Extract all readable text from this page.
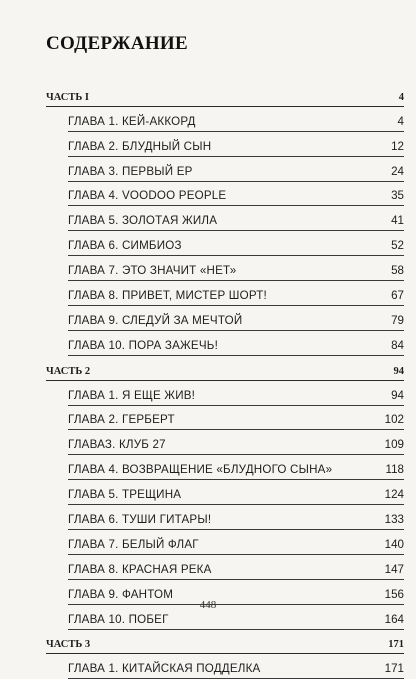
СОДЕРЖАНИЕ
ЧАСТЬ I	4
ГЛАВА 1. КЕЙ-АККОРД	4
ГЛАВА 2. БЛУДНЫЙ СЫН	12
ГЛАВА 3. ПЕРВЫЙ ЕР	24
ГЛАВА 4. VOODOO PEOPLE	35
ГЛАВА 5. ЗОЛОТАЯ ЖИЛА	41
ГЛАВА 6. СИМБИОЗ	52
ГЛАВА 7. ЭТО ЗНАЧИТ «НЕТ»	58
ГЛАВА 8. ПРИВЕТ, МИСТЕР ШОРТ!	67
ГЛАВА 9. СЛЕДУЙ ЗА МЕЧТОЙ	79
ГЛАВА 10. ПОРА ЗАЖЕЧЬ!	84
ЧАСТЬ 2	94
ГЛАВА 1. Я ЕЩЕ ЖИВ!	94
ГЛАВА 2. ГЕРБЕРТ	102
ГЛАВАЗ. КЛУБ 27	109
ГЛАВА 4. ВОЗВРАЩЕНИЕ «БЛУДНОГО СЫНА»	118
ГЛАВА 5. ТРЕЩИНА	124
ГЛАВА 6. ТУШИ ГИТАРЫ!	133
ГЛАВА 7. БЕЛЫЙ ФЛАГ	140
ГЛАВА 8. КРАСНАЯ РЕКА	147
ГЛАВА 9. ФАНТОМ	156
ГЛАВА 10. ПОБЕГ	164
ЧАСТЬ 3	171
ГЛАВА 1. КИТАЙСКАЯ ПОДДЕЛКА	171
448
